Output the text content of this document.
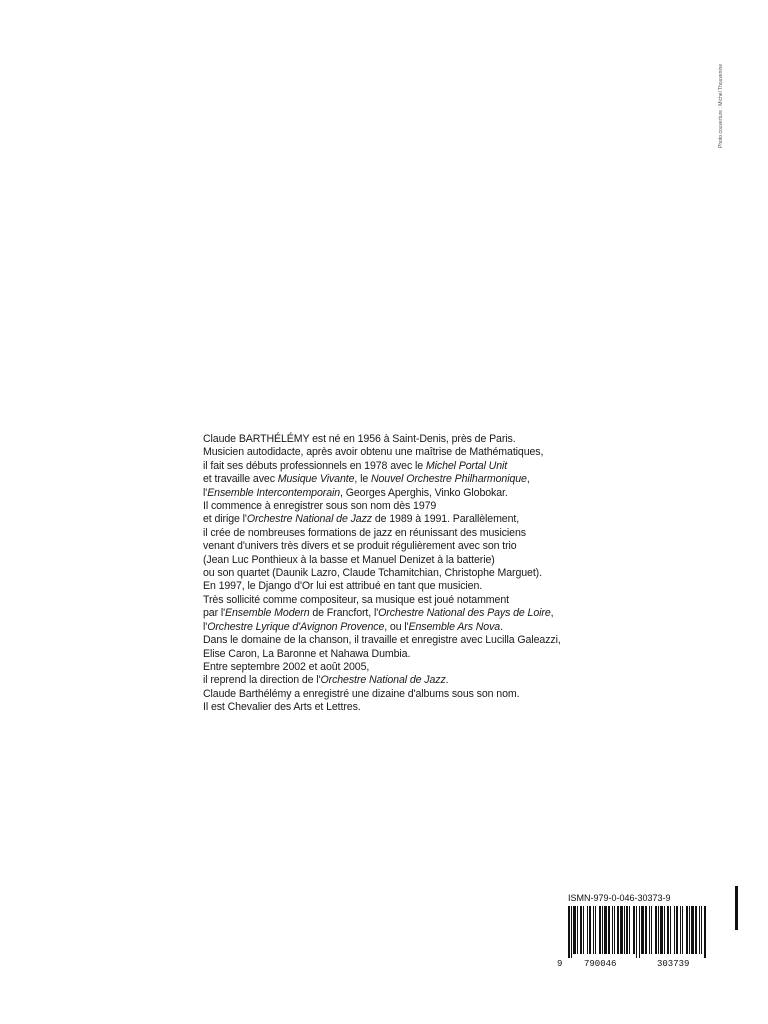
Photo couverture : Michel Thouvenine
Claude BARTHÉLÉMY est né en 1956 à Saint-Denis, près de Paris.
Musicien autodidacte, après avoir obtenu une maîtrise de Mathématiques,
il fait ses débuts professionnels en 1978 avec le Michel Portal Unit
et travaille avec Musique Vivante, le Nouvel Orchestre Philharmonique,
l'Ensemble Intercontemporain, Georges Aperghis, Vinko Globokar.
Il commence à enregistrer sous son nom dès 1979
et dirige l'Orchestre National de Jazz de 1989 à 1991. Parallèlement,
il crée de nombreuses formations de jazz en réunissant des musiciens
venant d'univers très divers et se produit régulièrement avec son trio
(Jean Luc Ponthieux à la basse et Manuel Denizet à la batterie)
ou son quartet (Daunik Lazro, Claude Tchamitchian, Christophe Marguet).
En 1997, le Django d'Or lui est attribué en tant que musicien.
Très sollicité comme compositeur, sa musique est joué notamment
par l'Ensemble Modern de Francfort, l'Orchestre National des Pays de Loire,
l'Orchestre Lyrique d'Avignon Provence, ou l'Ensemble Ars Nova.
Dans le domaine de la chanson, il travaille et enregistre avec Lucilla Galeazzi,
Elise Caron, La Baronne et Nahawa Dumbia.
Entre septembre 2002 et août 2005,
il reprend la direction de l'Orchestre National de Jazz.
Claude Barthélémy a enregistré une dizaine d'albums sous son nom.
Il est Chevalier des Arts et Lettres.
ISMN-979-0-046-30373-9
9 790046	303739
